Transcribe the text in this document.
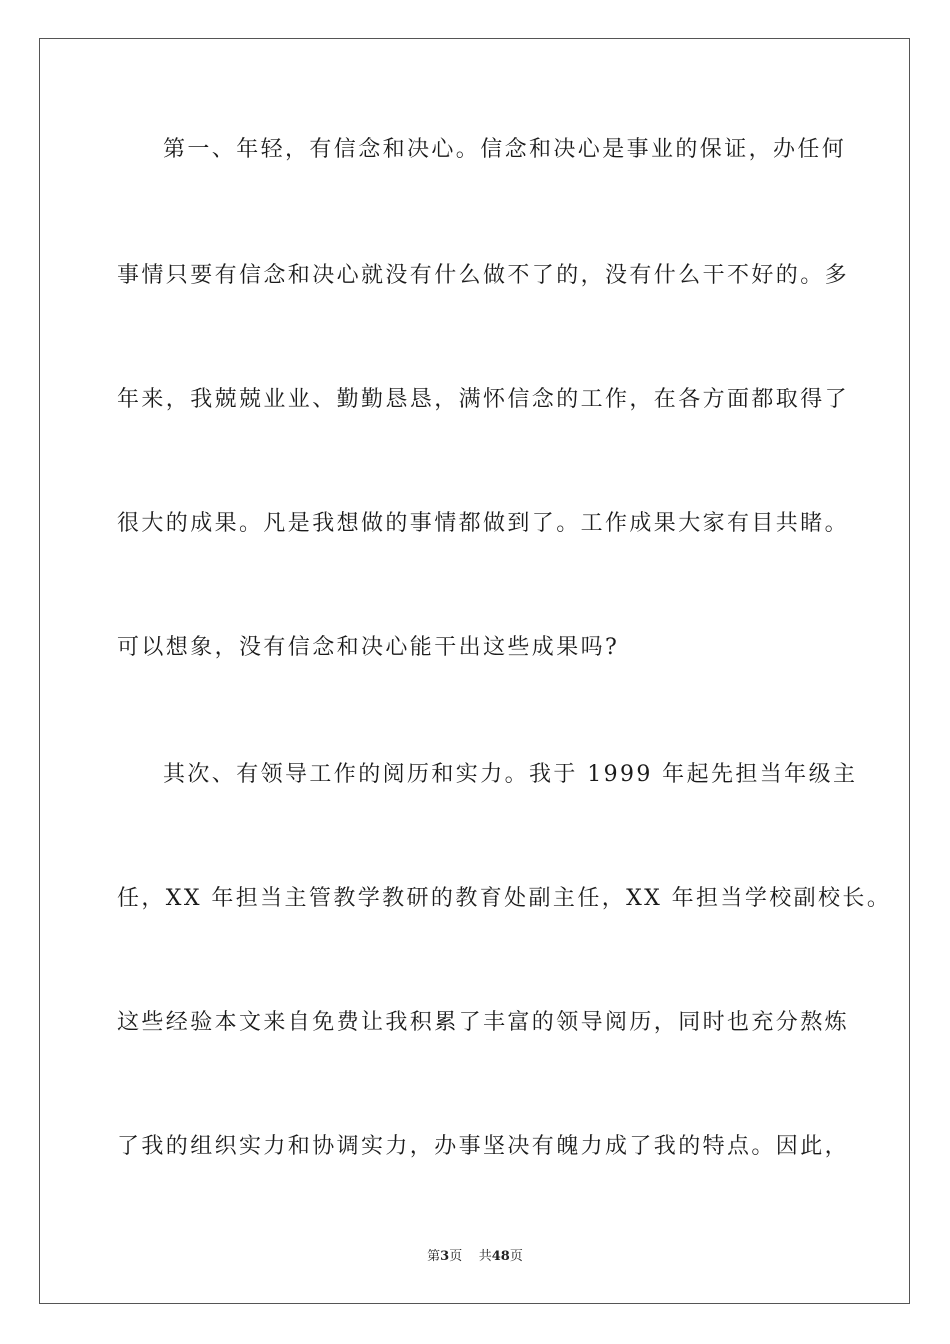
第一、年轻，有信念和决心。信念和决心是事业的保证，办任何
事情只要有信念和决心就没有什么做不了的，没有什么干不好的。多
年来，我兢兢业业、勤勤恳恳，满怀信念的工作，在各方面都取得了
很大的成果。凡是我想做的事情都做到了。工作成果大家有目共睹。
可以想象，没有信念和决心能干出这些成果吗?
其次、有领导工作的阅历和实力。我于 1999 年起先担当年级主
任，XX 年担当主管教学教研的教育处副主任，XX 年担当学校副校长。
这些经验本文来自免费让我积累了丰富的领导阅历，同时也充分熬炼
了我的组织实力和协调实力，办事坚决有魄力成了我的特点。因此，
第3页 共48页
